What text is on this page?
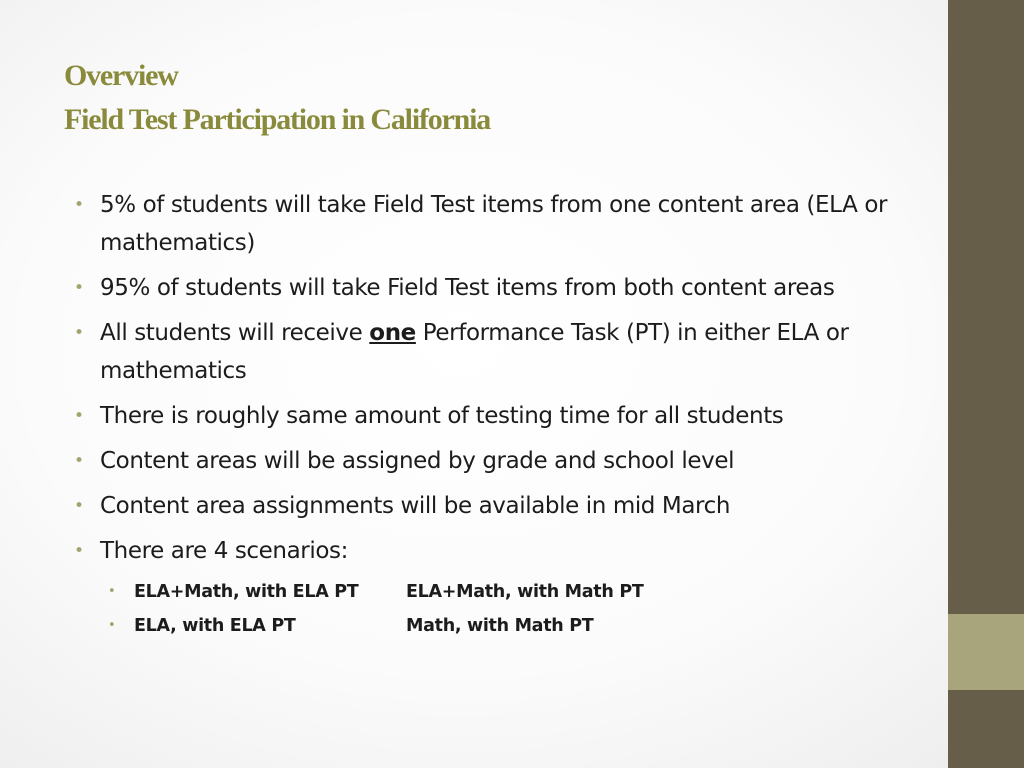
Overview
Field Test Participation in California
• 5% of students will take Field Test items from one content area (ELA or mathematics)
• 95% of students will take Field Test items from both content areas
• All students will receive one Performance Task (PT) in either ELA or mathematics
• There is roughly same amount of testing time for all students
• Content areas will be assigned by grade and school level
• Content area assignments will be available in mid March
• There are 4 scenarios:
• ELA+Math, with ELA PT	ELA+Math, with Math PT
• ELA, with ELA PT	Math, with Math PT
